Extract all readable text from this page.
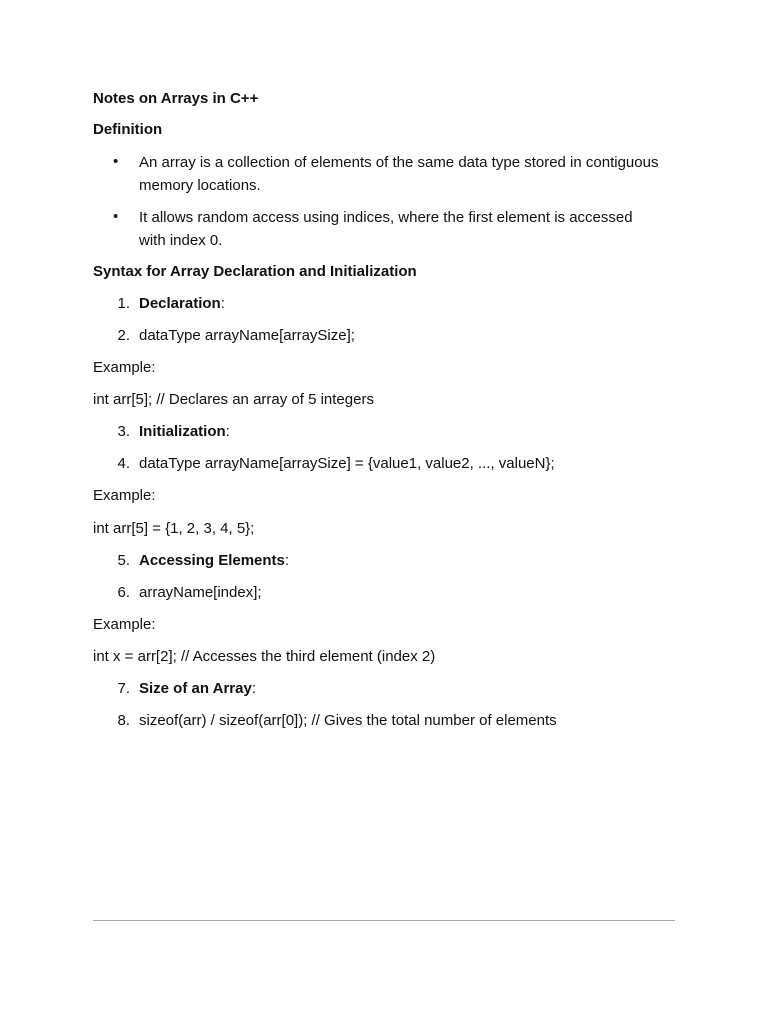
Notes on Arrays in C++
Definition
• An array is a collection of elements of the same data type stored in contiguous memory locations.
• It allows random access using indices, where the first element is accessed with index 0.
Syntax for Array Declaration and Initialization
1. Declaration:
2. dataType arrayName[arraySize];
Example:
int arr[5]; // Declares an array of 5 integers
3. Initialization:
4. dataType arrayName[arraySize] = {value1, value2, ..., valueN};
Example:
int arr[5] = {1, 2, 3, 4, 5};
5. Accessing Elements:
6. arrayName[index];
Example:
int x = arr[2]; // Accesses the third element (index 2)
7. Size of an Array:
8. sizeof(arr) / sizeof(arr[0]); // Gives the total number of elements
